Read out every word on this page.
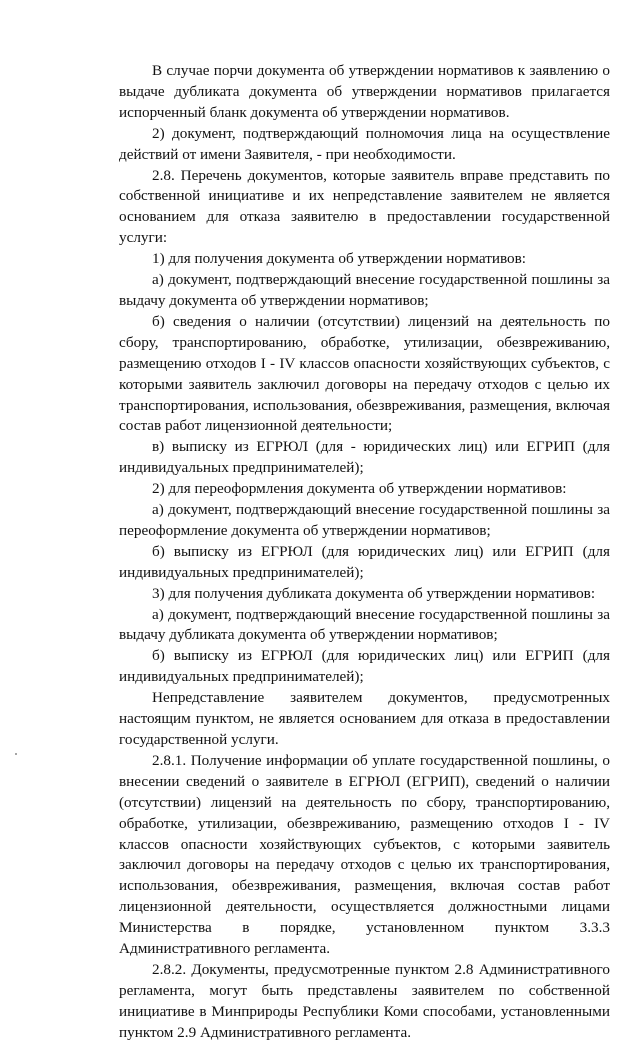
В случае порчи документа об утверждении нормативов к заявлению о выдаче дубликата документа об утверждении нормативов прилагается испорченный бланк документа об утверждении нормативов.

2) документ, подтверждающий полномочия лица на осуществление действий от имени Заявителя, - при необходимости.

2.8. Перечень документов, которые заявитель вправе представить по собственной инициативе и их непредставление заявителем не является основанием для отказа заявителю в предоставлении государственной услуги:

1) для получения документа об утверждении нормативов:

а) документ, подтверждающий внесение государственной пошлины за выдачу документа об утверждении нормативов;

б) сведения о наличии (отсутствии) лицензий на деятельность по сбору, транспортированию, обработке, утилизации, обезвреживанию, размещению отходов I - IV классов опасности хозяйствующих субъектов, с которыми заявитель заключил договоры на передачу отходов с целью их транспортирования, использования, обезвреживания, размещения, включая состав работ лицензионной деятельности;

в) выписку из ЕГРЮЛ (для - юридических лиц) или ЕГРИП (для индивидуальных предпринимателей);

2) для переоформления документа об утверждении нормативов:

а) документ, подтверждающий внесение государственной пошлины за переоформление документа об утверждении нормативов;

б) выписку из ЕГРЮЛ (для юридических лиц) или ЕГРИП (для индивидуальных предпринимателей);

3) для получения дубликата документа об утверждении нормативов:

а) документ, подтверждающий внесение государственной пошлины за выдачу дубликата документа об утверждении нормативов;

б) выписку из ЕГРЮЛ (для юридических лиц) или ЕГРИП (для индивидуальных предпринимателей);

Непредставление заявителем документов, предусмотренных настоящим пунктом, не является основанием для отказа в предоставлении государственной услуги.

2.8.1. Получение информации об уплате государственной пошлины, о внесении сведений о заявителе в ЕГРЮЛ (ЕГРИП), сведений о наличии (отсутствии) лицензий на деятельность по сбору, транспортированию, обработке, утилизации, обезвреживанию, размещению отходов I - IV классов опасности хозяйствующих субъектов, с которыми заявитель заключил договоры на передачу отходов с целью их транспортирования, использования, обезвреживания, размещения, включая состав работ лицензионной деятельности, осуществляется должностными лицами Министерства в порядке, установленном пунктом 3.3.3 Административного регламента.

2.8.2. Документы, предусмотренные пунктом 2.8 Административного регламента, могут быть представлены заявителем по собственной инициативе в Минприроды Республики Коми способами, установленными пунктом 2.9 Административного регламента.
